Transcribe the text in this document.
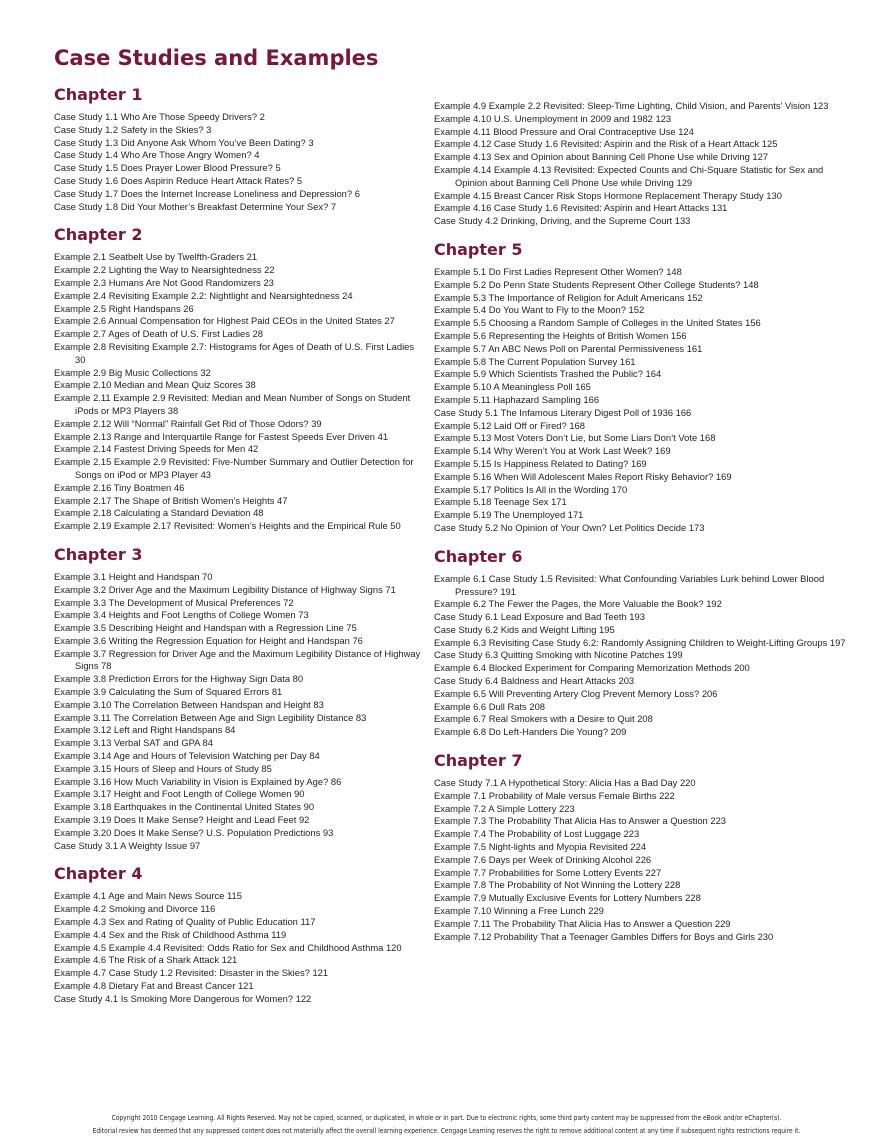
Case Studies and Examples
Chapter 1
Case Study 1.1 Who Are Those Speedy Drivers? 2
Case Study 1.2 Safety in the Skies? 3
Case Study 1.3 Did Anyone Ask Whom You’ve Been Dating? 3
Case Study 1.4 Who Are Those Angry Women? 4
Case Study 1.5 Does Prayer Lower Blood Pressure? 5
Case Study 1.6 Does Aspirin Reduce Heart Attack Rates? 5
Case Study 1.7 Does the Internet Increase Loneliness and Depression? 6
Case Study 1.8 Did Your Mother’s Breakfast Determine Your Sex? 7
Chapter 2
Example 2.1 Seatbelt Use by Twelfth-Graders 21
Example 2.2 Lighting the Way to Nearsightedness 22
Example 2.3 Humans Are Not Good Randomizers 23
Example 2.4 Revisiting Example 2.2: Nightlight and Nearsightedness 24
Example 2.5 Right Handspans 26
Example 2.6 Annual Compensation for Highest Paid CEOs in the United States 27
Example 2.7 Ages of Death of U.S. First Ladies 28
Example 2.8 Revisiting Example 2.7: Histograms for Ages of Death of U.S. First Ladies 30
Example 2.9 Big Music Collections 32
Example 2.10 Median and Mean Quiz Scores 38
Example 2.11 Example 2.9 Revisited: Median and Mean Number of Songs on Student iPods or MP3 Players 38
Example 2.12 Will “Normal” Rainfall Get Rid of Those Odors? 39
Example 2.13 Range and Interquartile Range for Fastest Speeds Ever Driven 41
Example 2.14 Fastest Driving Speeds for Men 42
Example 2.15 Example 2.9 Revisited: Five-Number Summary and Outlier Detection for Songs on iPod or MP3 Player 43
Example 2.16 Tiny Boatmen 46
Example 2.17 The Shape of British Women’s Heights 47
Example 2.18 Calculating a Standard Deviation 48
Example 2.19 Example 2.17 Revisited: Women’s Heights and the Empirical Rule 50
Chapter 3
Example 3.1 Height and Handspan 70
Example 3.2 Driver Age and the Maximum Legibility Distance of Highway Signs 71
Example 3.3 The Development of Musical Preferences 72
Example 3.4 Heights and Foot Lengths of College Women 73
Example 3.5 Describing Height and Handspan with a Regression Line 75
Example 3.6 Writing the Regression Equation for Height and Handspan 76
Example 3.7 Regression for Driver Age and the Maximum Legibility Distance of Highway Signs 78
Example 3.8 Prediction Errors for the Highway Sign Data 80
Example 3.9 Calculating the Sum of Squared Errors 81
Example 3.10 The Correlation Between Handspan and Height 83
Example 3.11 The Correlation Between Age and Sign Legibility Distance 83
Example 3.12 Left and Right Handspans 84
Example 3.13 Verbal SAT and GPA 84
Example 3.14 Age and Hours of Television Watching per Day 84
Example 3.15 Hours of Sleep and Hours of Study 85
Example 3.16 How Much Variability in Vision is Explained by Age? 86
Example 3.17 Height and Foot Length of College Women 90
Example 3.18 Earthquakes in the Continental United States 90
Example 3.19 Does It Make Sense? Height and Lead Feet 92
Example 3.20 Does It Make Sense? U.S. Population Predictions 93
Case Study 3.1 A Weighty Issue 97
Chapter 4
Example 4.1 Age and Main News Source 115
Example 4.2 Smoking and Divorce 116
Example 4.3 Sex and Rating of Quality of Public Education 117
Example 4.4 Sex and the Risk of Childhood Asthma 119
Example 4.5 Example 4.4 Revisited: Odds Ratio for Sex and Childhood Asthma 120
Example 4.6 The Risk of a Shark Attack 121
Example 4.7 Case Study 1.2 Revisited: Disaster in the Skies? 121
Example 4.8 Dietary Fat and Breast Cancer 121
Case Study 4.1 Is Smoking More Dangerous for Women? 122
Example 4.9 Example 2.2 Revisited: Sleep-Time Lighting, Child Vision, and Parents’ Vision 123
Example 4.10 U.S. Unemployment in 2009 and 1982 123
Example 4.11 Blood Pressure and Oral Contraceptive Use 124
Example 4.12 Case Study 1.6 Revisited: Aspirin and the Risk of a Heart Attack 125
Example 4.13 Sex and Opinion about Banning Cell Phone Use while Driving 127
Example 4.14 Example 4.13 Revisited: Expected Counts and Chi-Square Statistic for Sex and Opinion about Banning Cell Phone Use while Driving 129
Example 4.15 Breast Cancer Risk Stops Hormone Replacement Therapy Study 130
Example 4.16 Case Study 1.6 Revisited: Aspirin and Heart Attacks 131
Case Study 4.2 Drinking, Driving, and the Supreme Court 133
Chapter 5
Example 5.1 Do First Ladies Represent Other Women? 148
Example 5.2 Do Penn State Students Represent Other College Students? 148
Example 5.3 The Importance of Religion for Adult Americans 152
Example 5.4 Do You Want to Fly to the Moon? 152
Example 5.5 Choosing a Random Sample of Colleges in the United States 156
Example 5.6 Representing the Heights of British Women 156
Example 5.7 An ABC News Poll on Parental Permissiveness 161
Example 5.8 The Current Population Survey 161
Example 5.9 Which Scientists Trashed the Public? 164
Example 5.10 A Meaningless Poll 165
Example 5.11 Haphazard Sampling 166
Case Study 5.1 The Infamous Literary Digest Poll of 1936 166
Example 5.12 Laid Off or Fired? 168
Example 5.13 Most Voters Don’t Lie, but Some Liars Don’t Vote 168
Example 5.14 Why Weren’t You at Work Last Week? 169
Example 5.15 Is Happiness Related to Dating? 169
Example 5.16 When Will Adolescent Males Report Risky Behavior? 169
Example 5.17 Politics Is All in the Wording 170
Example 5.18 Teenage Sex 171
Example 5.19 The Unemployed 171
Case Study 5.2 No Opinion of Your Own? Let Politics Decide 173
Chapter 6
Example 6.1 Case Study 1.5 Revisited: What Confounding Variables Lurk behind Lower Blood Pressure? 191
Example 6.2 The Fewer the Pages, the More Valuable the Book? 192
Case Study 6.1 Lead Exposure and Bad Teeth 193
Case Study 6.2 Kids and Weight Lifting 195
Example 6.3 Revisiting Case Study 6.2: Randomly Assigning Children to Weight-Lifting Groups 197
Case Study 6.3 Quitting Smoking with Nicotine Patches 199
Example 6.4 Blocked Experiment for Comparing Memorization Methods 200
Case Study 6.4 Baldness and Heart Attacks 203
Example 6.5 Will Preventing Artery Clog Prevent Memory Loss? 206
Example 6.6 Dull Rats 208
Example 6.7 Real Smokers with a Desire to Quit 208
Example 6.8 Do Left-Handers Die Young? 209
Chapter 7
Case Study 7.1 A Hypothetical Story: Alicia Has a Bad Day 220
Example 7.1 Probability of Male versus Female Births 222
Example 7.2 A Simple Lottery 223
Example 7.3 The Probability That Alicia Has to Answer a Question 223
Example 7.4 The Probability of Lost Luggage 223
Example 7.5 Night-lights and Myopia Revisited 224
Example 7.6 Days per Week of Drinking Alcohol 226
Example 7.7 Probabilities for Some Lottery Events 227
Example 7.8 The Probability of Not Winning the Lottery 228
Example 7.9 Mutually Exclusive Events for Lottery Numbers 228
Example 7.10 Winning a Free Lunch 229
Example 7.11 The Probability That Alicia Has to Answer a Question 229
Example 7.12 Probability That a Teenager Gambles Differs for Boys and Girls 230
Copyright 2010 Cengage Learning. All Rights Reserved. May not be copied, scanned, or duplicated, in whole or in part. Due to electronic rights, some third party content may be suppressed from the eBook and/or eChapter(s).
Editorial review has deemed that any suppressed content does not materially affect the overall learning experience. Cengage Learning reserves the right to remove additional content at any time if subsequent rights restrictions require it.
